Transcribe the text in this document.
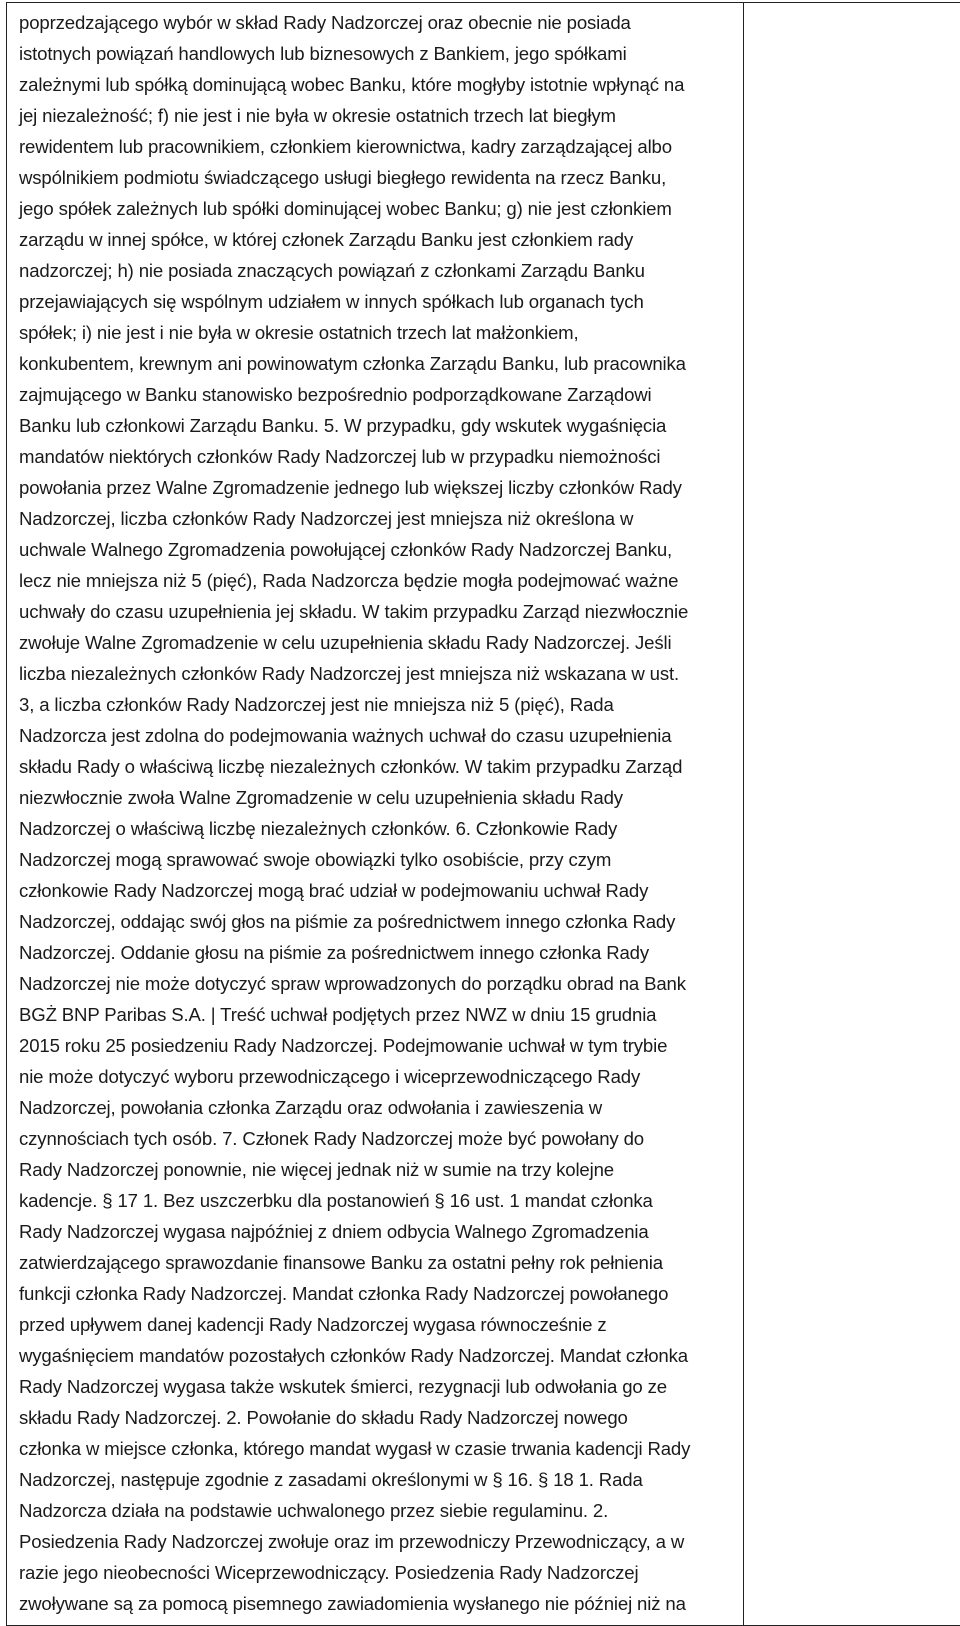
poprzedzającego wybór w skład Rady Nadzorczej oraz obecnie nie posiada
istotnych powiązań handlowych lub biznesowych z Bankiem, jego spółkami
zależnymi lub spółką dominującą wobec Banku, które mogłyby istotnie wpłynąć na
jej niezależność; f) nie jest i nie była w okresie ostatnich trzech lat biegłym
rewidentem lub pracownikiem, członkiem kierownictwa, kadry zarządzającej albo
wspólnikiem podmiotu świadczącego usługi biegłego rewidenta na rzecz Banku,
jego spółek zależnych lub spółki dominującej wobec Banku; g) nie jest członkiem
zarządu w innej spółce, w której członek Zarządu Banku jest członkiem rady
nadzorczej; h) nie posiada znaczących powiązań z członkami Zarządu Banku
przejawiających się wspólnym udziałem w innych spółkach lub organach tych
spółek; i) nie jest i nie była w okresie ostatnich trzech lat małżonkiem,
konkubentem, krewnym ani powinowatym członka Zarządu Banku, lub pracownika
zajmującego w Banku stanowisko bezpośrednio podporządkowane Zarządowi
Banku lub członkowi Zarządu Banku. 5. W przypadku, gdy wskutek wygaśnięcia
mandatów niektórych członków Rady Nadzorczej lub w przypadku niemożności
powołania przez Walne Zgromadzenie jednego lub większej liczby członków Rady
Nadzorczej, liczba członków Rady Nadzorczej jest mniejsza niż określona w
uchwale Walnego Zgromadzenia powołującej członków Rady Nadzorczej Banku,
lecz nie mniejsza niż 5 (pięć), Rada Nadzorcza będzie mogła podejmować ważne
uchwały do czasu uzupełnienia jej składu. W takim przypadku Zarząd niezwłocznie
zwołuje Walne Zgromadzenie w celu uzupełnienia składu Rady Nadzorczej. Jeśli
liczba niezależnych członków Rady Nadzorczej jest mniejsza niż wskazana w ust.
3, a liczba członków Rady Nadzorczej jest nie mniejsza niż 5 (pięć), Rada
Nadzorcza jest zdolna do podejmowania ważnych uchwał do czasu uzupełnienia
składu Rady o właściwą liczbę niezależnych członków. W takim przypadku Zarząd
niezwłocznie zwoła Walne Zgromadzenie w celu uzupełnienia składu Rady
Nadzorczej o właściwą liczbę niezależnych członków. 6. Członkowie Rady
Nadzorczej mogą sprawować swoje obowiązki tylko osobiście, przy czym
członkowie Rady Nadzorczej mogą brać udział w podejmowaniu uchwał Rady
Nadzorczej, oddając swój głos na piśmie za pośrednictwem innego członka Rady
Nadzorczej. Oddanie głosu na piśmie za pośrednictwem innego członka Rady
Nadzorczej nie może dotyczyć spraw wprowadzonych do porządku obrad na Bank
BGŻ BNP Paribas S.A. | Treść uchwał podjętych przez NWZ w dniu 15 grudnia
2015 roku 25 posiedzeniu Rady Nadzorczej. Podejmowanie uchwał w tym trybie
nie może dotyczyć wyboru przewodniczącego i wiceprzewodniczącego Rady
Nadzorczej, powołania członka Zarządu oraz odwołania i zawieszenia w
czynnościach tych osób. 7. Członek Rady Nadzorczej może być powołany do
Rady Nadzorczej ponownie, nie więcej jednak niż w sumie na trzy kolejne
kadencje. § 17 1. Bez uszczerbku dla postanowień § 16 ust. 1 mandat członka
Rady Nadzorczej wygasa najpóźniej z dniem odbycia Walnego Zgromadzenia
zatwierdzającego sprawozdanie finansowe Banku za ostatni pełny rok pełnienia
funkcji członka Rady Nadzorczej. Mandat członka Rady Nadzorczej powołanego
przed upływem danej kadencji Rady Nadzorczej wygasa równocześnie z
wygaśnięciem mandatów pozostałych członków Rady Nadzorczej. Mandat członka
Rady Nadzorczej wygasa także wskutek śmierci, rezygnacji lub odwołania go ze
składu Rady Nadzorczej. 2. Powołanie do składu Rady Nadzorczej nowego
członka w miejsce członka, którego mandat wygasł w czasie trwania kadencji Rady
Nadzorczej, następuje zgodnie z zasadami określonymi w § 16. § 18 1. Rada
Nadzorcza działa na podstawie uchwalonego przez siebie regulaminu. 2.
Posiedzenia Rady Nadzorczej zwołuje oraz im przewodniczy Przewodniczący, a w
razie jego nieobecności Wiceprzewodniczący. Posiedzenia Rady Nadzorczej
zwoływane są za pomocą pisemnego zawiadomienia wysłanego nie później niż na
